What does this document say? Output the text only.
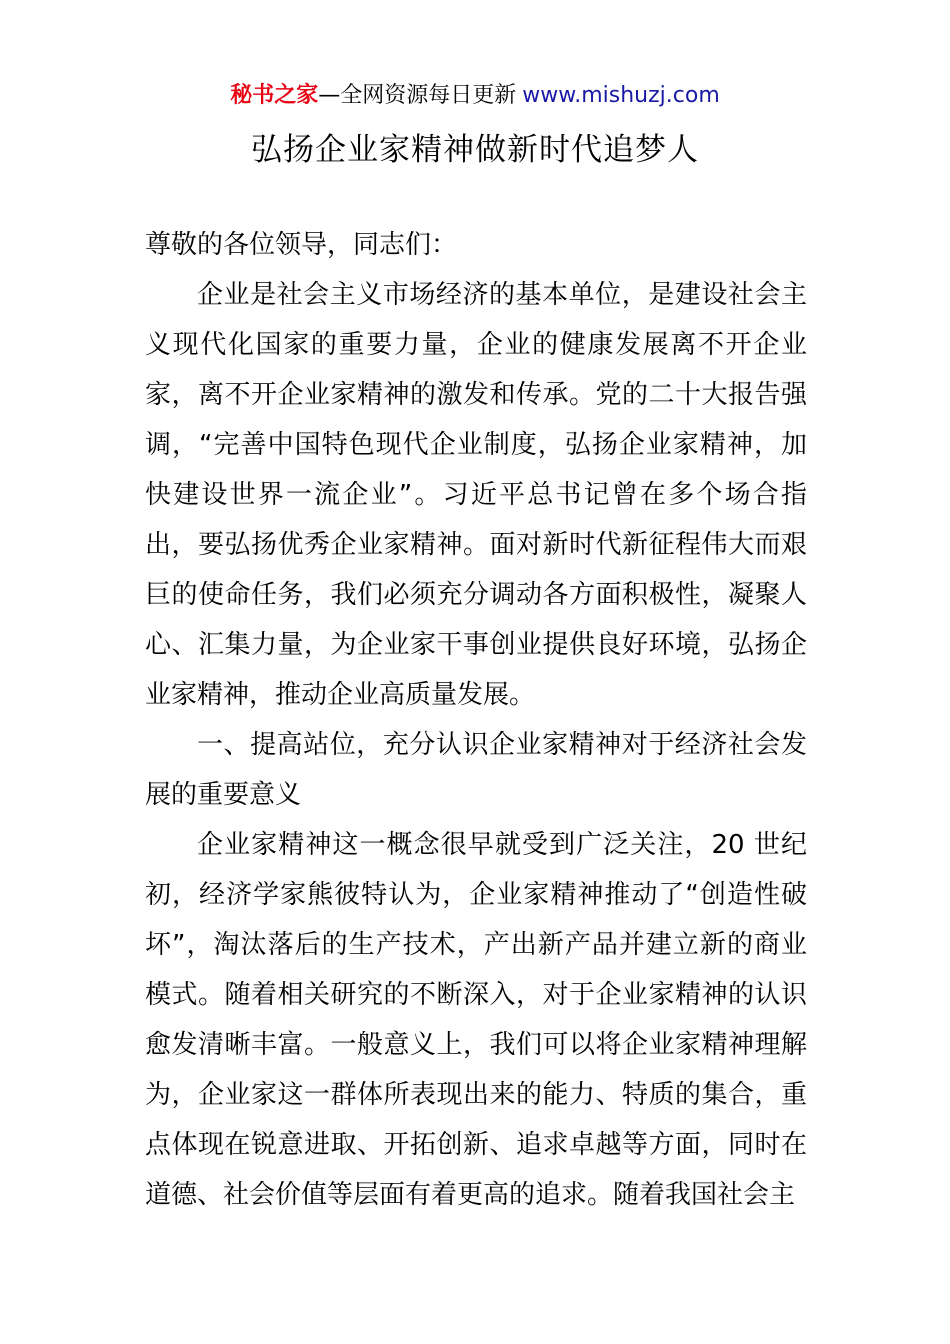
秘书之家—全网资源每日更新 www.mishuzj.com
弘扬企业家精神做新时代追梦人

尊敬的各位领导，同志们：

企业是社会主义市场经济的基本单位，是建设社会主义现代化国家的重要力量，企业的健康发展离不开企业家，离不开企业家精神的激发和传承。党的二十大报告强调，“完善中国特色现代企业制度，弘扬企业家精神，加快建设世界一流企业”。习近平总书记曾在多个场合指出，要弘扬优秀企业家精神。面对新时代新征程伟大而艰巨的使命任务，我们必须充分调动各方面积极性，凝聚人心、汇集力量，为企业家干事创业提供良好环境，弘扬企业家精神，推动企业高质量发展。

一、提高站位，充分认识企业家精神对于经济社会发展的重要意义

企业家精神这一概念很早就受到广泛关注，20 世纪初，经济学家熊彼特认为，企业家精神推动了“创造性破坏”，淘汰落后的生产技术，产出新产品并建立新的商业模式。随着相关研究的不断深入，对于企业家精神的认识愈发清晰丰富。一般意义上，我们可以将企业家精神理解为，企业家这一群体所表现出来的能力、特质的集合，重点体现在锐意进取、开拓创新、追求卓越等方面，同时在道德、社会价值等层面有着更高的追求。随着我国社会主
